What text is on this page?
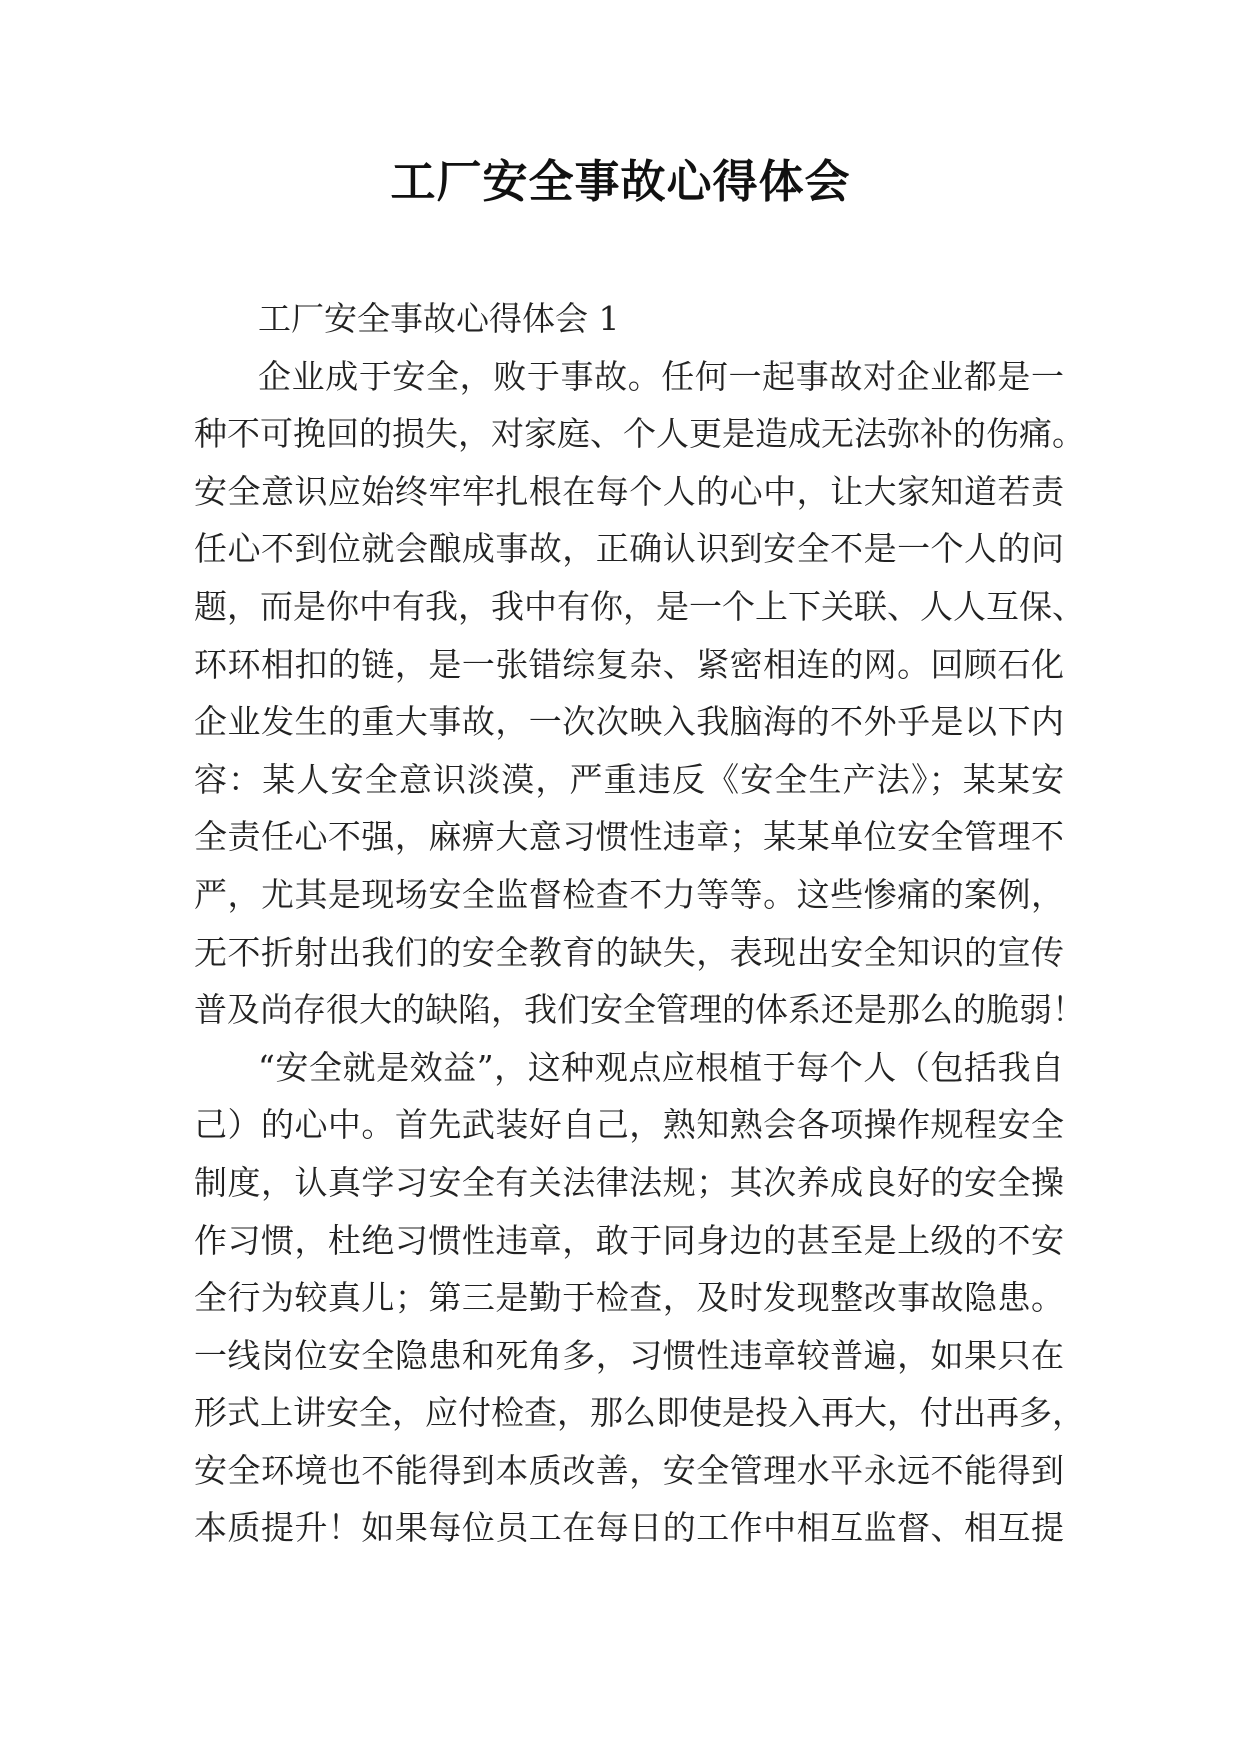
工厂安全事故心得体会
工厂安全事故心得体会 1
企业成于安全，败于事故。任何一起事故对企业都是一
种不可挽回的损失，对家庭、个人更是造成无法弥补的伤痛。
安全意识应始终牢牢扎根在每个人的心中，让大家知道若责
任心不到位就会酿成事故，正确认识到安全不是一个人的问
题，而是你中有我，我中有你，是一个上下关联、人人互保、
环环相扣的链，是一张错综复杂、紧密相连的网。回顾石化
企业发生的重大事故，一次次映入我脑海的不外乎是以下内
容：某人安全意识淡漠，严重违反《安全生产法》；某某安
全责任心不强，麻痹大意习惯性违章；某某单位安全管理不
严，尤其是现场安全监督检查不力等等。这些惨痛的案例，
无不折射出我们的安全教育的缺失，表现出安全知识的宣传
普及尚存很大的缺陷，我们安全管理的体系还是那么的脆弱！
“安全就是效益”，这种观点应根植于每个人（包括我自
己）的心中。首先武装好自己，熟知熟会各项操作规程安全
制度，认真学习安全有关法律法规；其次养成良好的安全操
作习惯，杜绝习惯性违章，敢于同身边的甚至是上级的不安
全行为较真儿；第三是勤于检查，及时发现整改事故隐患。
一线岗位安全隐患和死角多，习惯性违章较普遍，如果只在
形式上讲安全，应付检查，那么即使是投入再大，付出再多，
安全环境也不能得到本质改善，安全管理水平永远不能得到
本质提升！如果每位员工在每日的工作中相互监督、相互提
